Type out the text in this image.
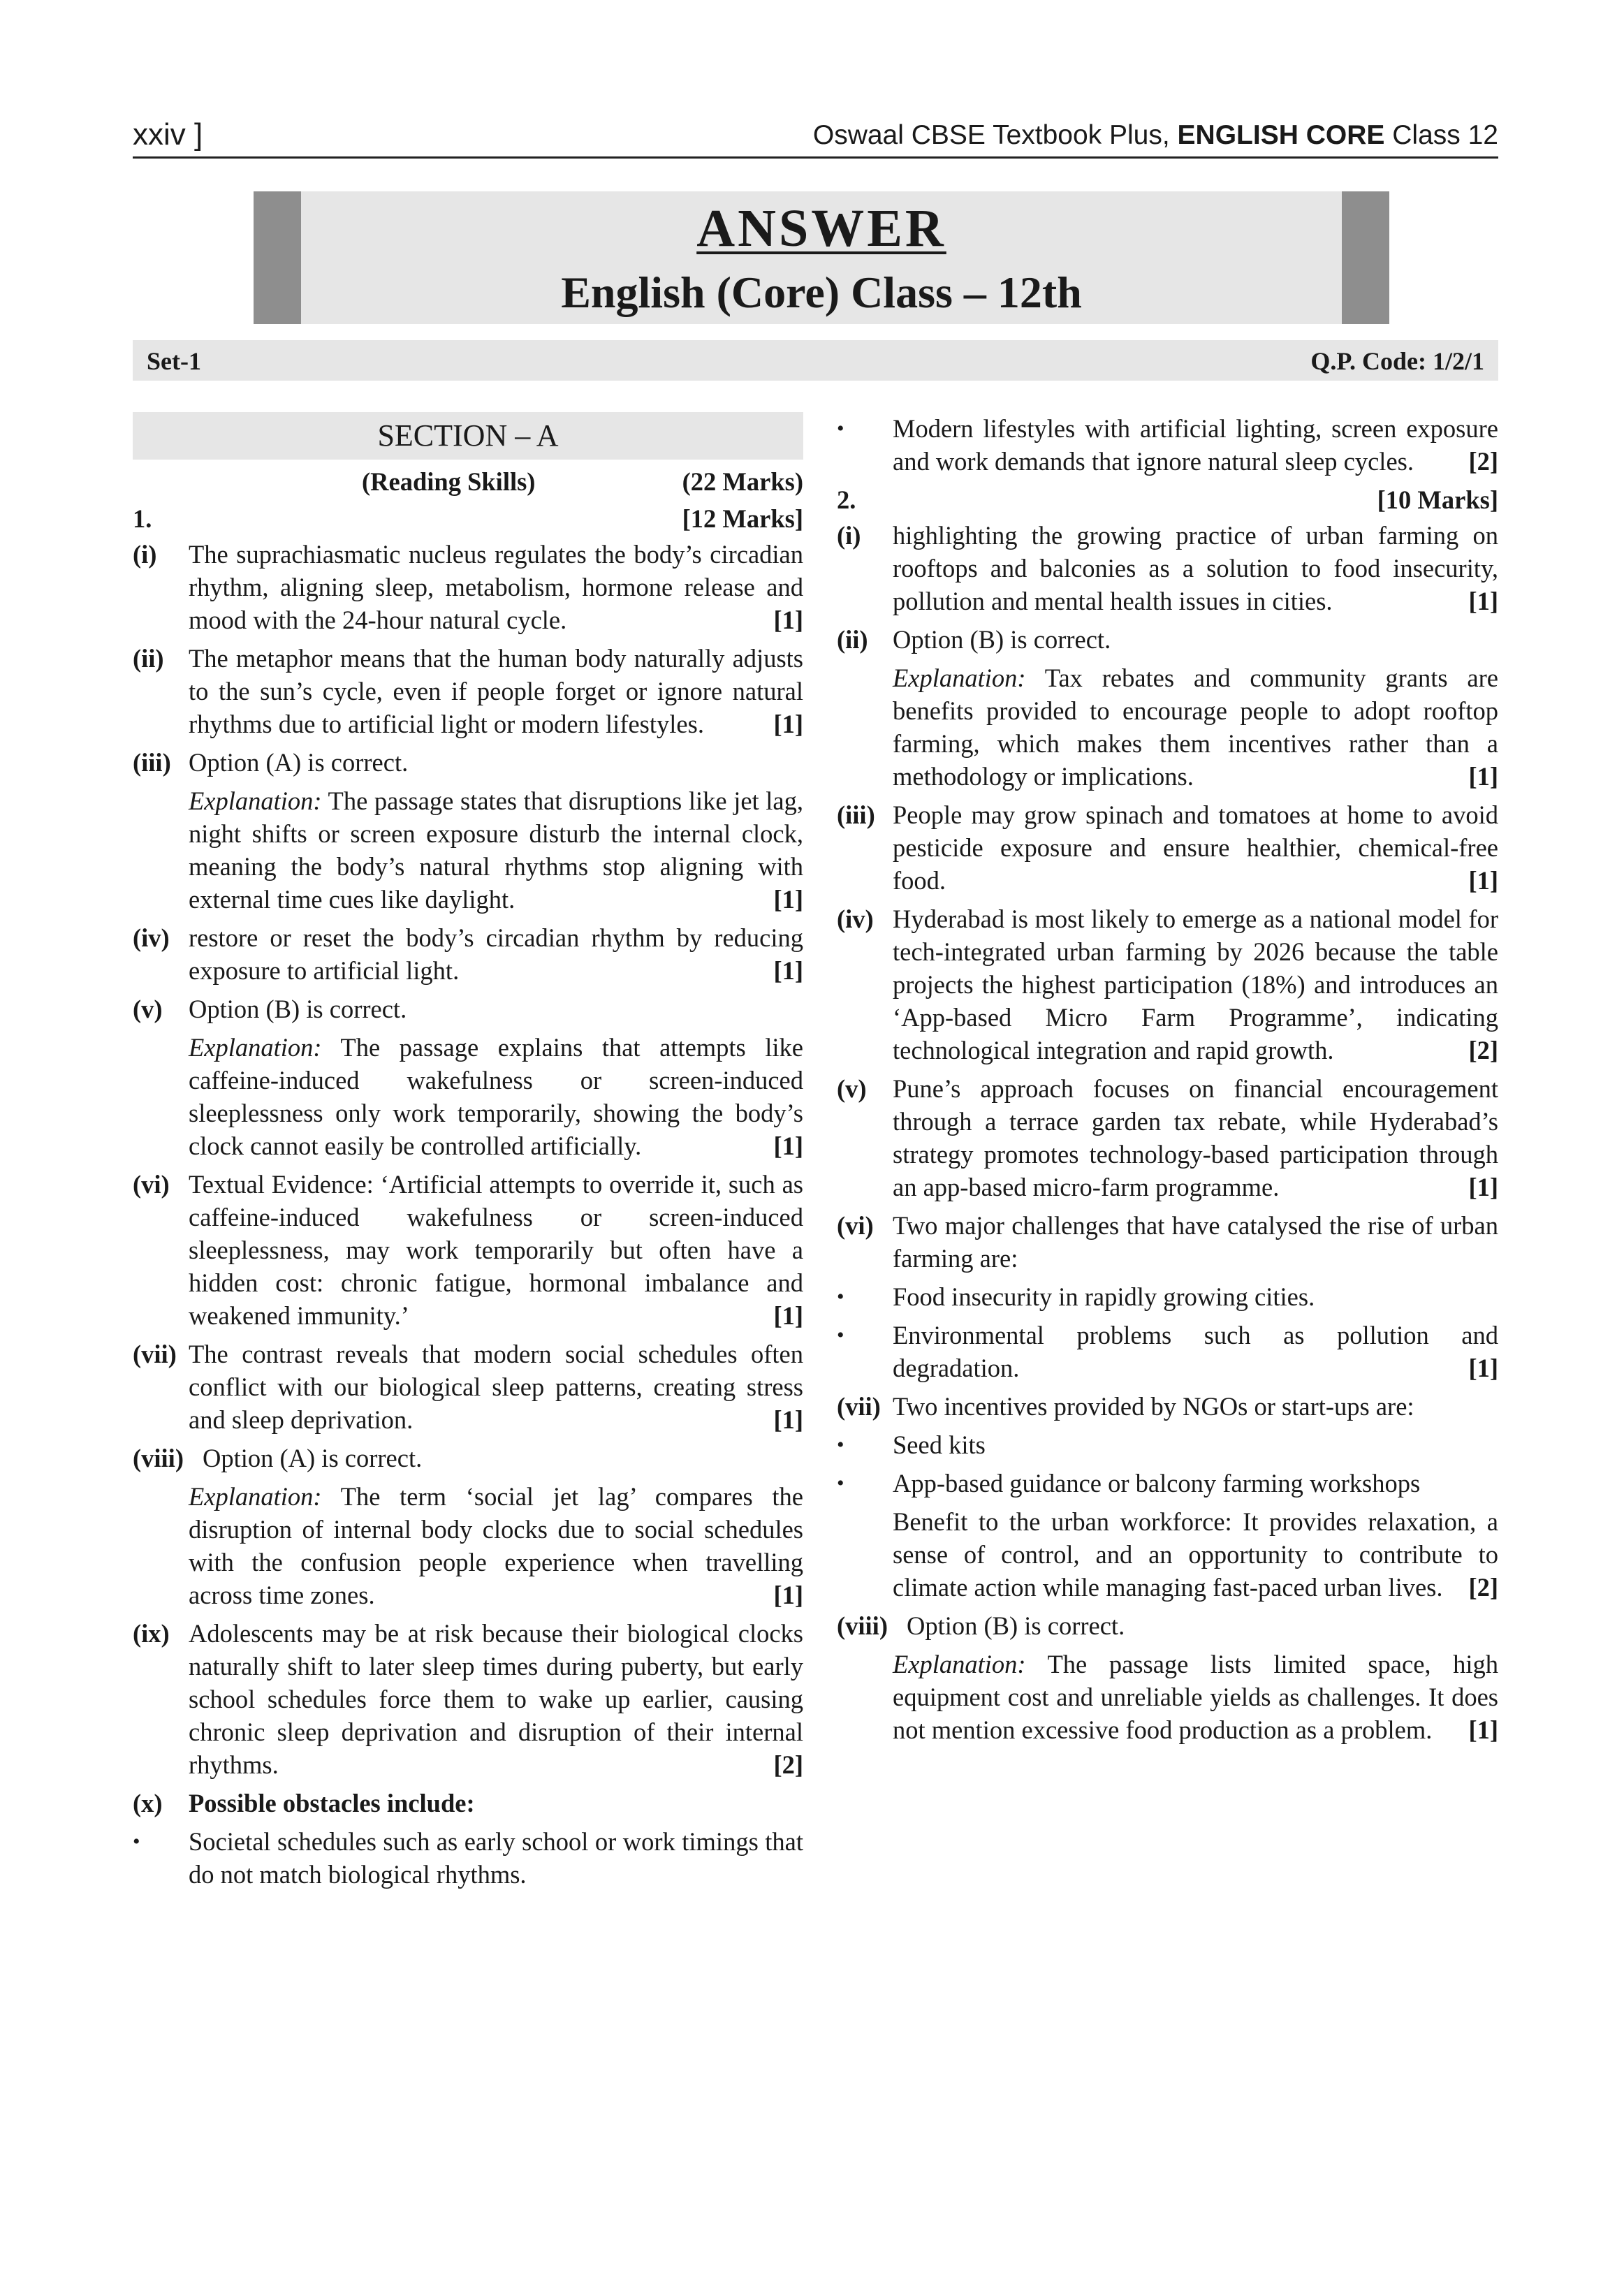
xxiv ]	Oswaal CBSE Textbook Plus, ENGLISH CORE Class 12
ANSWER
English (Core) Class – 12th
Set-1	Q.P. Code: 1/2/1
SECTION – A
(Reading Skills)	(22 Marks)
1.	[12 Marks]
(i)	The suprachiasmatic nucleus regulates the body’s circadian rhythm, aligning sleep, metabolism, hormone release and mood with the 24-hour natural cycle.	[1]
(ii) The metaphor means that the human body naturally adjusts to the sun’s cycle, even if people forget or ignore natural rhythms due to artificial light or modern lifestyles.	[1]
(iii) Option (A) is correct.
Explanation: The passage states that disruptions like jet lag, night shifts or screen exposure disturb the internal clock, meaning the body’s natural rhythms stop aligning with external time cues like daylight.	[1]
(iv) restore or reset the body’s circadian rhythm by reducing exposure to artificial light.	[1]
(v)	Option (B) is correct.
Explanation: The passage explains that attempts like caffeine-induced wakefulness or screen-induced sleeplessness only work temporarily, showing the body’s clock cannot easily be controlled artificially.	[1]
(vi) Textual Evidence: ‘Artificial attempts to override it, such as caffeine-induced wakefulness or screen-induced sleeplessness, may work temporarily but often have a hidden cost: chronic fatigue, hormonal imbalance and weakened immunity.’	[1]
(vii) The contrast reveals that modern social schedules often conflict with our biological sleep patterns, creating stress and sleep deprivation.	[1]
(viii) Option (A) is correct.
Explanation: The term ‘social jet lag’ compares the disruption of internal body clocks due to social schedules with the confusion people experience when travelling across time zones.	[1]
(ix) Adolescents may be at risk because their biological clocks naturally shift to later sleep times during puberty, but early school schedules force them to wake up earlier, causing chronic sleep deprivation and disruption of their internal rhythms.	[2]
(x)	Possible obstacles include:
•	Societal schedules such as early school or work timings that do not match biological rhythms.
•	Modern lifestyles with artificial lighting, screen exposure and work demands that ignore natural sleep cycles. [2]
2.	[10 Marks]
(i)	highlighting the growing practice of urban farming on rooftops and balconies as a solution to food insecurity, pollution and mental health issues in cities.	[1]
(ii) Option (B) is correct.
Explanation: Tax rebates and community grants are benefits provided to encourage people to adopt rooftop farming, which makes them incentives rather than a methodology or implications.	[1]
(iii) People may grow spinach and tomatoes at home to avoid pesticide exposure and ensure healthier, chemical-free food.	[1]
(iv) Hyderabad is most likely to emerge as a national model for tech-integrated urban farming by 2026 because the table projects the highest participation (18%) and introduces an ‘App-based Micro Farm Programme’, indicating technological integration and rapid growth.	[2]
(v)	Pune’s approach focuses on financial encouragement through a terrace garden tax rebate, while Hyderabad’s strategy promotes technology-based participation through an app-based micro-farm programme.	[1]
(vi) Two major challenges that have catalysed the rise of urban farming are:
•	Food insecurity in rapidly growing cities.
•	Environmental problems such as pollution and degradation.	[1]
(vii) Two incentives provided by NGOs or start-ups are:
•	Seed kits
•	App-based guidance or balcony farming workshops
Benefit to the urban workforce: It provides relaxation, a sense of control, and an opportunity to contribute to climate action while managing fast-paced urban lives. [2]
(viii) Option (B) is correct.
Explanation: The passage lists limited space, high equipment cost and unreliable yields as challenges. It does not mention excessive food production as a problem. [1]
